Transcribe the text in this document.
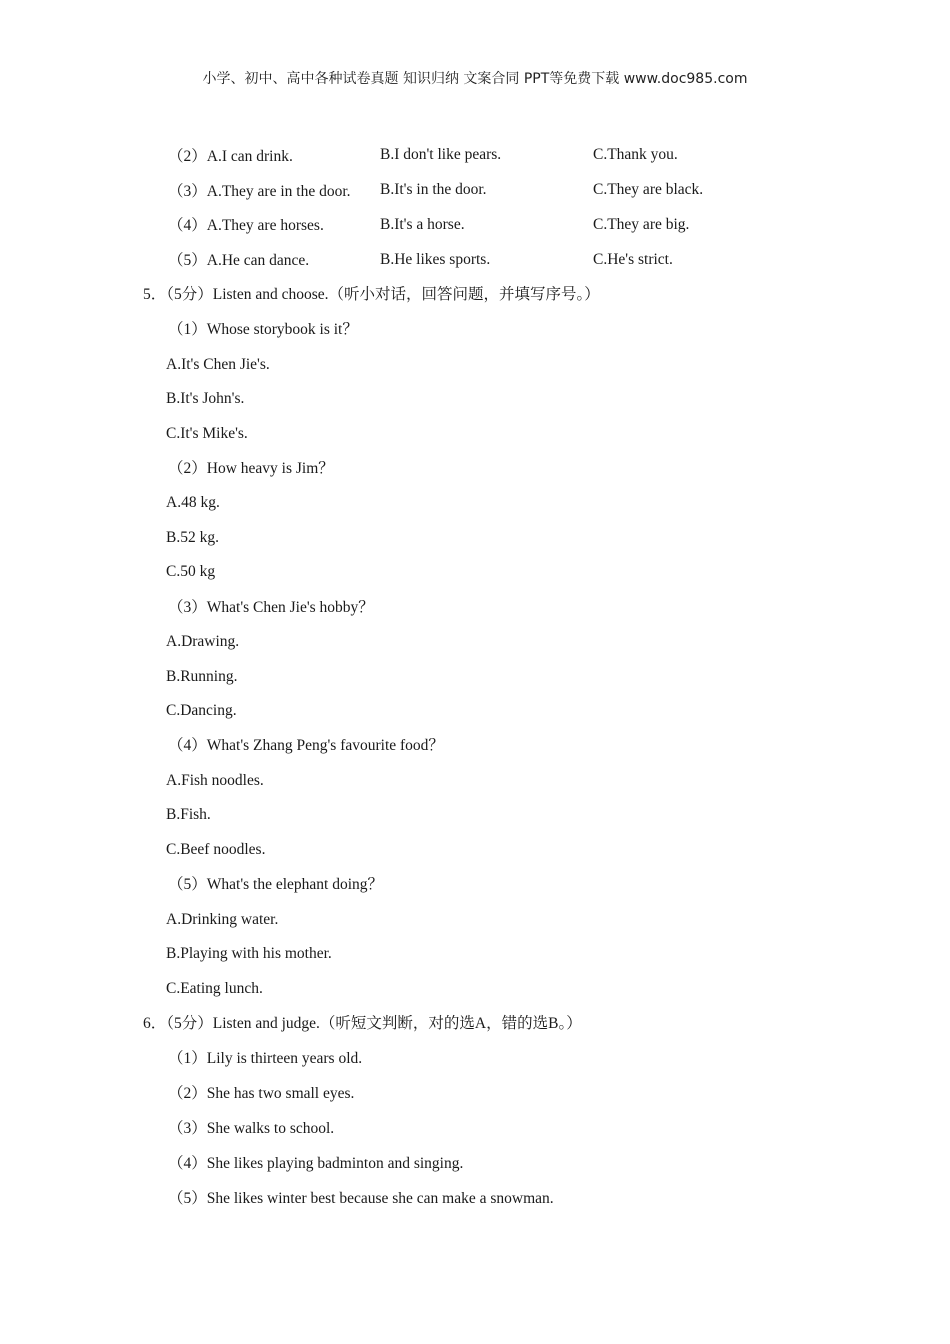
小学、初中、高中各种试卷真题 知识归纳 文案合同 PPT等免费下载 www.doc985.com
（2）A.I can drink.	B.I don't like pears.	C.Thank you.
（3）A.They are in the door. B.It's in the door.	C.They are black.
（4）A.They are horses.	B.It's a horse.	C.They are big.
（5）A.He can dance.	B.He likes sports.	C.He's strict.
5．（5分）Listen and choose.（听小对话，回答问题，并填写序号。）
（1）Whose storybook is it？
A.It's Chen Jie's.
B.It's John's.
C.It's Mike's.
（2）How heavy is Jim？
A.48 kg.
B.52 kg.
C.50 kg
（3）What's Chen Jie's hobby？
A.Drawing.
B.Running.
C.Dancing.
（4）What's Zhang Peng's favourite food？
A.Fish noodles.
B.Fish.
C.Beef noodles.
（5）What's the elephant doing？
A.Drinking water.
B.Playing with his mother.
C.Eating lunch.
6．（5分）Listen and judge.（听短文判断，对的选A，错的选B。）
（1）Lily is thirteen years old.
（2）She has two small eyes.
（3）She walks to school.
（4）She likes playing badminton and singing.
（5）She likes winter best because she can make a snowman.
